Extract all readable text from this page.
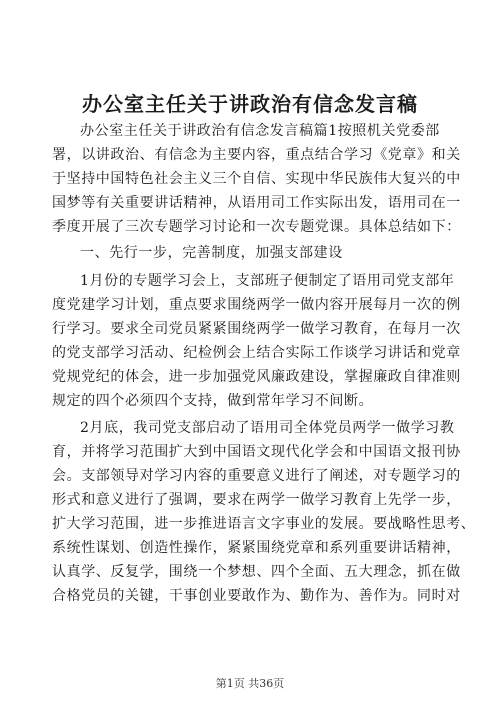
办公室主任关于讲政治有信念发言稿
办公室主任关于讲政治有信念发言稿篇1按照机关党委部
署，以讲政治、有信念为主要内容，重点结合学习《党章》和关
于坚持中国特色社会主义三个自信、实现中华民族伟大复兴的中
国梦等有关重要讲话精神，从语用司工作实际出发，语用司在一
季度开展了三次专题学习讨论和一次专题党课。具体总结如下：
一、先行一步，完善制度，加强支部建设
1月份的专题学习会上，支部班子便制定了语用司党支部年
度党建学习计划，重点要求围绕两学一做内容开展每月一次的例
行学习。要求全司党员紧紧围绕两学一做学习教育，在每月一次
的党支部学习活动、纪检例会上结合实际工作谈学习讲话和党章
党规党纪的体会，进一步加强党风廉政建设，掌握廉政自律准则
规定的四个必须四个支持，做到常年学习不间断。
2月底，我司党支部启动了语用司全体党员两学一做学习教
育，并将学习范围扩大到中国语文现代化学会和中国语文报刊协
会。支部领导对学习内容的重要意义进行了阐述，对专题学习的
形式和意义进行了强调，要求在两学一做学习教育上先学一步，
扩大学习范围，进一步推进语言文字事业的发展。要战略性思考、
系统性谋划、创造性操作，紧紧围绕党章和系列重要讲话精神，
认真学、反复学，围绕一个梦想、四个全面、五大理念，抓在做
合格党员的关键，干事创业要敢作为、勤作为、善作为。同时对
第1页 共36页
